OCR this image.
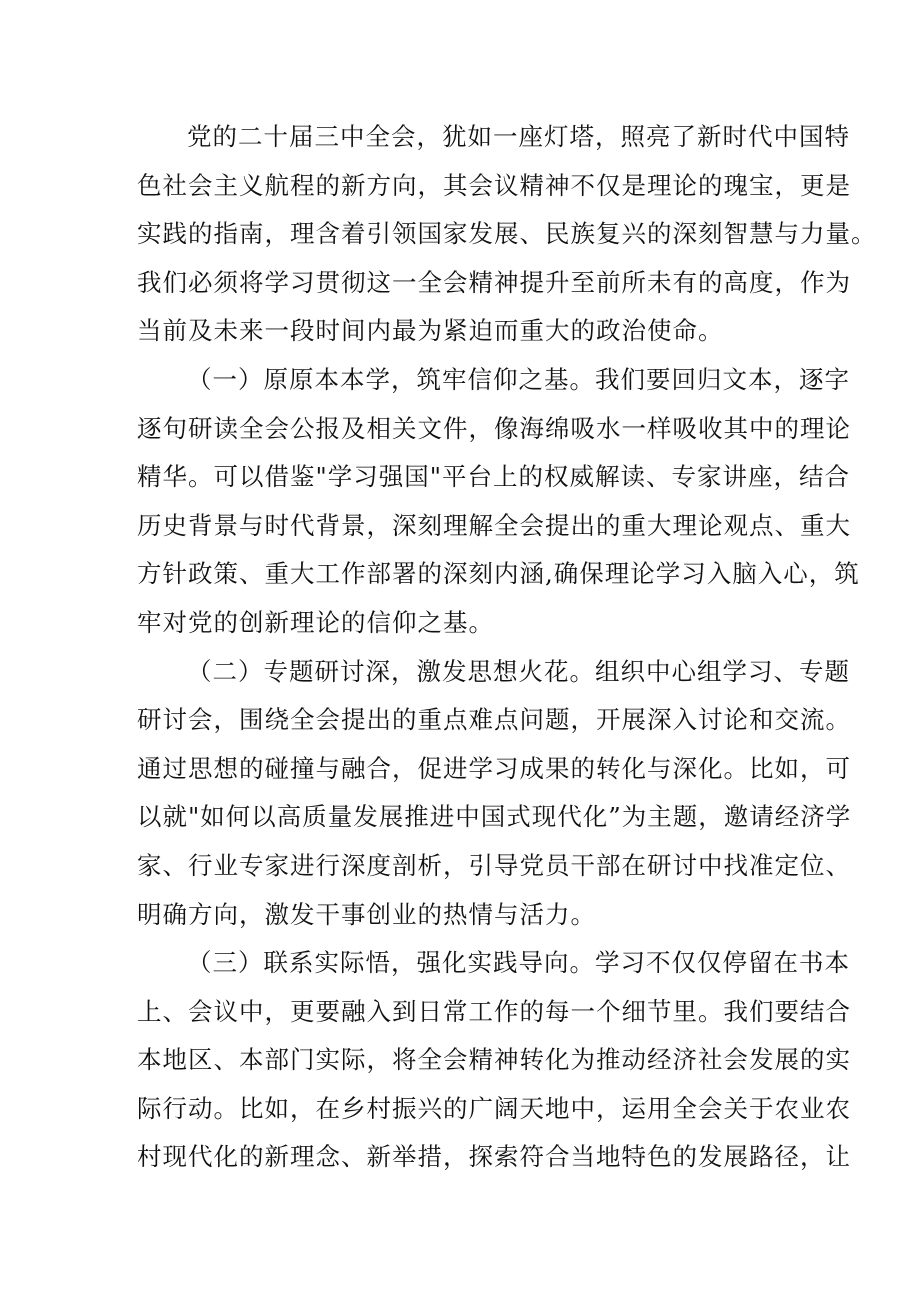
党的二十届三中全会，犹如一座灯塔，照亮了新时代中国特
色社会主义航程的新方向，其会议精神不仅是理论的瑰宝，更是
实践的指南，理含着引领国家发展、民族复兴的深刻智慧与力量。
我们必须将学习贯彻这一全会精神提升至前所未有的高度，作为
当前及未来一段时间内最为紧迫而重大的政治使命。
（一）原原本本学，筑牢信仰之基。我们要回归文本，逐字
逐句研读全会公报及相关文件，像海绵吸水一样吸收其中的理论
精华。可以借鉴"学习强国"平台上的权威解读、专家讲座，结合
历史背景与时代背景，深刻理解全会提出的重大理论观点、重大
方针政策、重大工作部署的深刻内涵,确保理论学习入脑入心，筑
牢对党的创新理论的信仰之基。
（二）专题研讨深，激发思想火花。组织中心组学习、专题
研讨会，围绕全会提出的重点难点问题，开展深入讨论和交流。
通过思想的碰撞与融合，促进学习成果的转化与深化。比如，可
以就"如何以高质量发展推进中国式现代化”为主题，邀请经济学
家、行业专家进行深度剖析，引导党员干部在研讨中找准定位、
明确方向，激发干事创业的热情与活力。
（三）联系实际悟，强化实践导向。学习不仅仅停留在书本
上、会议中，更要融入到日常工作的每一个细节里。我们要结合
本地区、本部门实际，将全会精神转化为推动经济社会发展的实
际行动。比如，在乡村振兴的广阔天地中，运用全会关于农业农
村现代化的新理念、新举措，探索符合当地特色的发展路径，让
